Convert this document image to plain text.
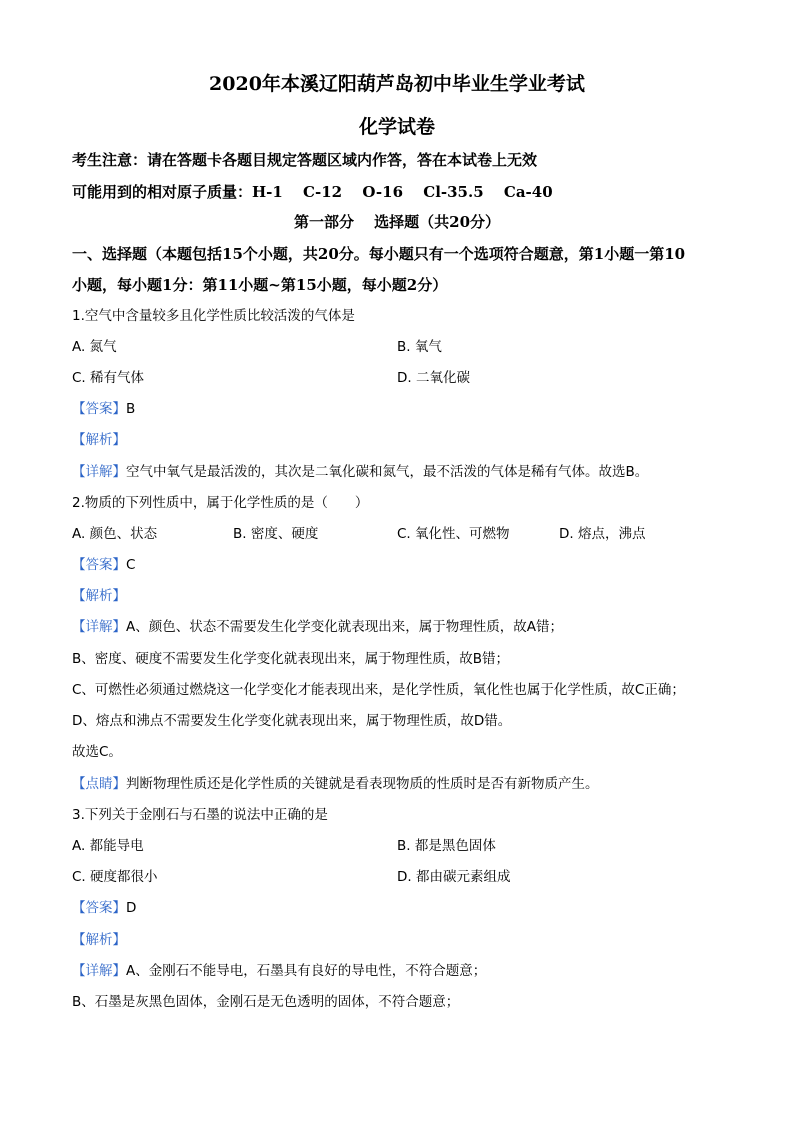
2020年本溪辽阳葫芦岛初中毕业生学业考试
化学试卷
考生注意：请在答题卡各题目规定答题区域内作答，答在本试卷上无效
可能用到的相对原子质量：H-1　 C-12　 O-16　 Cl-35.5　 Ca-40
第一部分　 选择题（共20分）
一、选择题（本题包括15个小题，共20分。每小题只有一个选项符合题意，第1小题一第10
小题，每小题1分：第11小题~第15小题，每小题2分）
1.空气中含量较多且化学性质比较活泼的气体是
A. 氮气	B. 氧气
C. 稀有气体	D. 二氧化碳
【答案】B
【解析】
【详解】空气中氧气是最活泼的，其次是二氧化碳和氮气，最不活泼的气体是稀有气体。故选B。
2.物质的下列性质中，属于化学性质的是（　　）
A. 颜色、状态	B. 密度、硬度	C. 氧化性、可燃物	D. 熔点，沸点
【答案】C
【解析】
【详解】A、颜色、状态不需要发生化学变化就表现出来，属于物理性质，故A错；
B、密度、硬度不需要发生化学变化就表现出来，属于物理性质，故B错；
C、可燃性必须通过燃烧这一化学变化才能表现出来，是化学性质，氧化性也属于化学性质，故C正确；
D、熔点和沸点不需要发生化学变化就表现出来，属于物理性质，故D错。
故选C。
【点睛】判断物理性质还是化学性质的关键就是看表现物质的性质时是否有新物质产生。
3.下列关于金刚石与石墨的说法中正确的是
A. 都能导电	B. 都是黑色固体
C. 硬度都很小	D. 都由碳元素组成
【答案】D
【解析】
【详解】A、金刚石不能导电，石墨具有良好的导电性，不符合题意；
B、石墨是灰黑色固体，金刚石是无色透明的固体，不符合题意；
